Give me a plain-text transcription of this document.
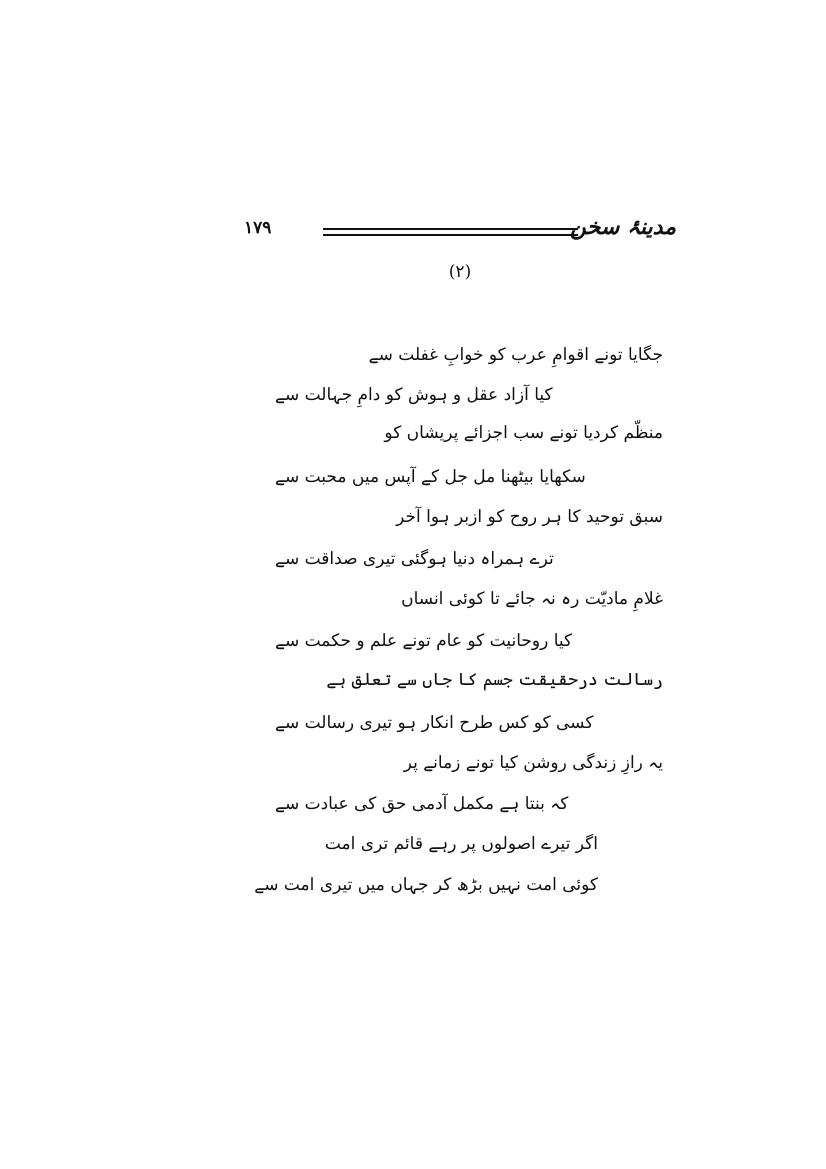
مدینۂ سخن
۱۷۹
(۲)

جگایا تونے اقوامِ عرب کو خوابِ غفلت سے

کیا آزاد عقل و ہوش کو دامِ جہالت سے

منظّم کردیا تونے سب اجزائے پریشاں کو

سکھایا بیٹھنا مل جل کے آپس میں محبت سے

سبق توحید کا ہر روح کو ازبر ہوا آخر

ترے ہمراہ دنیا ہوگئی تیری صداقت سے

غلامِ مادیّت رہ نہ جائے تا کوئی انساں

کیا روحانیت کو عام تونے علم و حکمت سے

رسالت درحقیقت جسم کا جاں سے تعلق ہے

کسی کو کس طرح انکار ہو تیری رسالت سے

یہ رازِ زندگی روشن کیا تونے زمانے پر

کہ بنتا ہے مکمل آدمی حق کی عبادت سے

اگر تیرے اصولوں پر رہے قائم تری امت

کوئی امت نہیں بڑھ کر جہاں میں تیری امت سے
